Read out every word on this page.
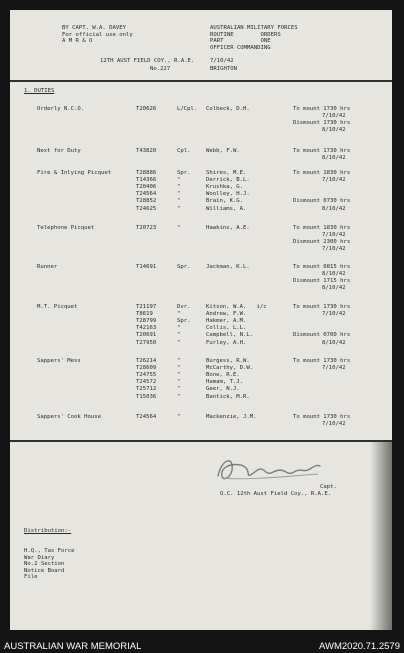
BY CAPT. W.A. DAVEY
For official use only
A M R & O
AUSTRALIAN MILITARY FORCES
ROUTINE        ORDERS
PART           ONE
OFFICER COMMANDING
7/10/42
12TH AUST FIELD COY., R.A.E.
No.227	BRIGHTON
1. DUTIES
Orderly N.C.O.	T20626	L/Cpl. Colbeck, D.H.	To mount 1730 hrs
7/10/42
Dismount 1730 hrs
8/10/42
Next for Duty	T43820	Cpl.	Webb, F.W.	To mount 1730 hrs
8/10/42
Fire & Inlying Picquet	T28886	Spr.	Shires, M.E.
T14366	"	Derrick, B.L.
T20406	"	Krushka, G.
T24564	"	Woolley, H.J.
T28852	"	Brain, K.G.
T24625	"	Williams, A.
To mount 1830 hrs
7/10/42
Dismount 0730 hrs
8/10/42
Telephone Picquet	T20723	"	Hawkins, A.E.	To mount 1830 hrs
7/10/42
Dismount 2300 hrs
7/10/42
Runner	T14691	Spr.	Jackman, K.L.	To mount 0815 hrs
8/10/42
Dismount 1715 hrs
8/10/42
M.T. Picquet	T21197	Dvr.	Kitson, W.A.   i/c
T8619	"	Andrew, F.W.
T28799	Spr.	Hakmer, A.M.
T42163	"	Collis, L.L.
T20691	"	Campbell, N.L.
T27950	"	Furley, A.H.
To mount 1730 hrs
7/10/42
Dismount 0700 hrs
8/10/42
Sappers' Mess	T26214	"	Burgess, R.W.
T28609	"	McCarthy, D.W.
T24755	"	Bone, R.E.
T24572	"	Hamam, T.J.
T25712	"	Geer, N.J.
T15036	"	Bantick, M.R.
To mount 1730 hrs
7/10/42
Sappers' Cook House	T24564	"	Mackenzie, J.M.	To mount 1730 hrs
7/10/42
Capt.
O.C. 12th Aust Field Coy., R.A.E.

Distribution:-

H.Q., Tas Force
War Diary
No.2 Section
Notice Board
File

AUSTRALIAN WAR MEMORIAL	AWM2020.71.2579
